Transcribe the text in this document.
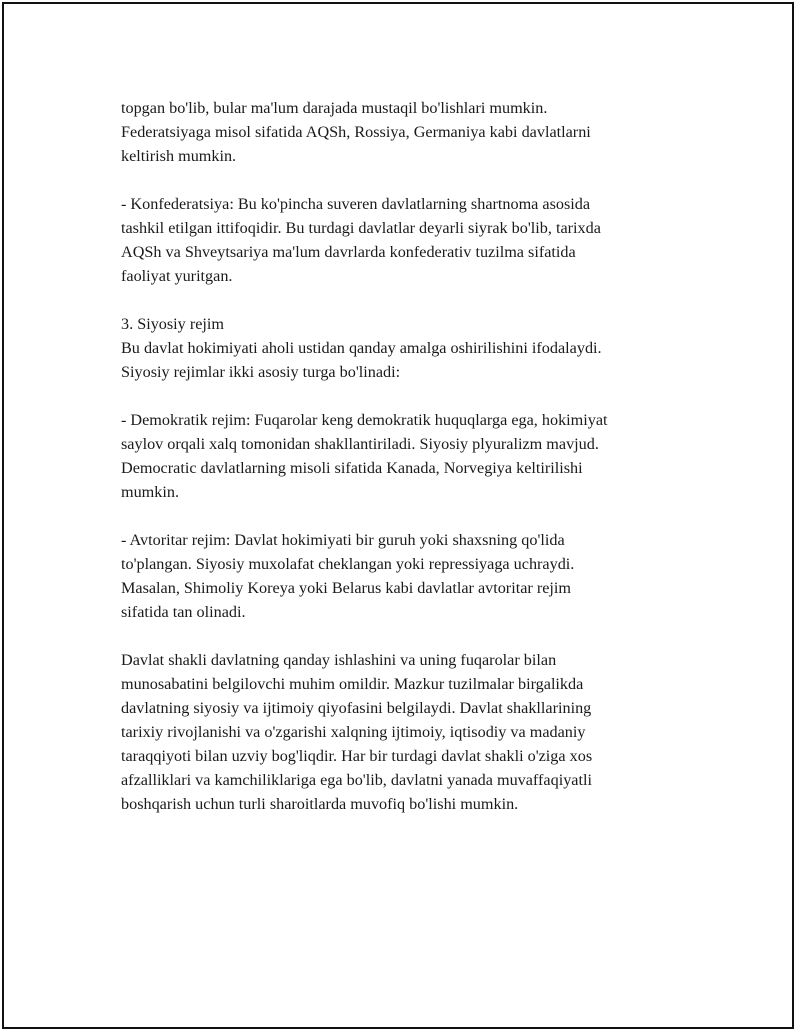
topgan bo'lib, bular ma'lum darajada mustaqil bo'lishlari mumkin.
Federatsiyaga misol sifatida AQSh, Rossiya, Germaniya kabi davlatlarni
keltirish mumkin.

- Konfederatsiya: Bu ko'pincha suveren davlatlarning shartnoma asosida
tashkil etilgan ittifoqidir. Bu turdagi davlatlar deyarli siyrak bo'lib, tarixda
AQSh va Shveytsariya ma'lum davrlarda konfederativ tuzilma sifatida
faoliyat yuritgan.

3. Siyosiy rejim
Bu davlat hokimiyati aholi ustidan qanday amalga oshirilishini ifodalaydi.
Siyosiy rejimlar ikki asosiy turga bo'linadi:

- Demokratik rejim: Fuqarolar keng demokratik huquqlarga ega, hokimiyat
saylov orqali xalq tomonidan shakllantiriladi. Siyosiy plyuralizm mavjud.
Democratic davlatlarning misoli sifatida Kanada, Norvegiya keltirilishi
mumkin.

- Avtoritar rejim: Davlat hokimiyati bir guruh yoki shaxsning qo'lida
to'plangan. Siyosiy muxolafat cheklangan yoki repressiyaga uchraydi.
Masalan, Shimoliy Koreya yoki Belarus kabi davlatlar avtoritar rejim
sifatida tan olinadi.

Davlat shakli davlatning qanday ishlashini va uning fuqarolar bilan
munosabatini belgilovchi muhim omildir. Mazkur tuzilmalar birgalikda
davlatning siyosiy va ijtimoiy qiyofasini belgilaydi. Davlat shakllarining
tarixiy rivojlanishi va o'zgarishi xalqning ijtimoiy, iqtisodiy va madaniy
taraqqiyoti bilan uzviy bog'liqdir. Har bir turdagi davlat shakli o'ziga xos
afzalliklari va kamchiliklariga ega bo'lib, davlatni yanada muvaffaqiyatli
boshqarish uchun turli sharoitlarda muvofiq bo'lishi mumkin.
